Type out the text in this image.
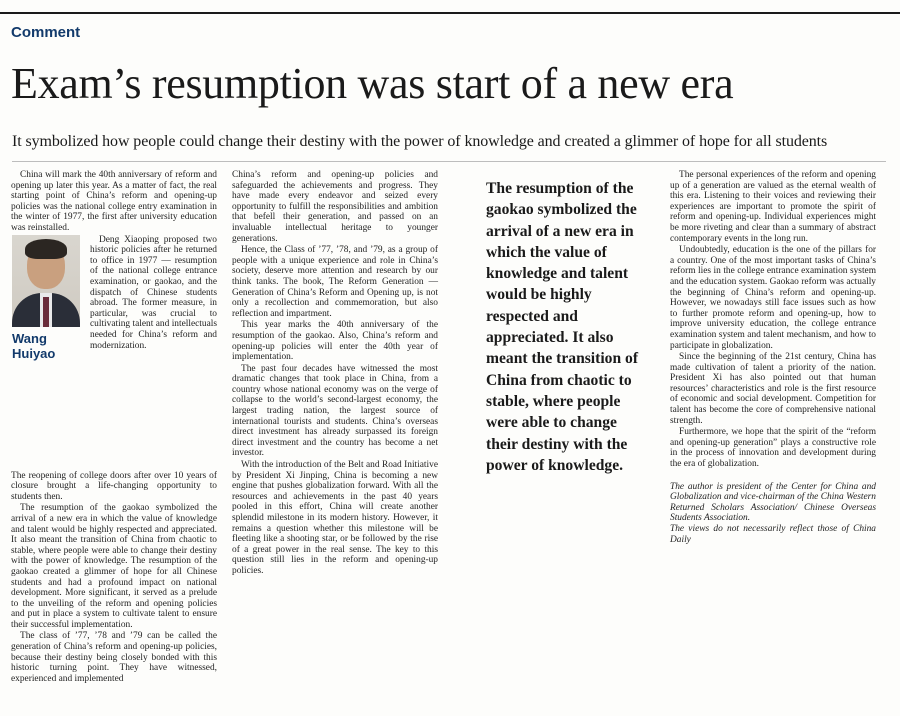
Comment
Exam’s resumption was start of a new era
It symbolized how people could change their destiny with the power of knowledge and created a glimmer of hope for all students

China will mark the 40th anniversary of reform and opening up later this year. As a matter of fact, the real starting point of China’s reform and opening-up policies was the national college entry examination in the winter of 1977, the first after university education was reinstalled.

Wang
Huiyao

Deng Xiaoping proposed two historic policies after he returned to office in 1977 — resumption of the national college entrance examination, or gaokao, and the dispatch of Chinese students abroad. The former measure, in particular, was crucial to cultivating talent and intellectuals needed for China’s reform and modernization.

The reopening of college doors after over 10 years of closure brought a life-changing opportunity to students then.

The resumption of the gaokao symbolized the arrival of a new era in which the value of knowledge and talent would be highly respected and appreciated. It also meant the transition of China from chaotic to stable, where people were able to change their destiny with the power of knowledge. The resumption of the gaokao created a glimmer of hope for all Chinese students and had a profound impact on national development. More significant, it served as a prelude to the unveiling of the reform and opening policies and put in place a system to cultivate talent to ensure their successful implementation.

The class of ’77, ’78 and ’79 can be called the generation of China’s reform and opening-up policies, because their destiny being closely bonded with this historic turning point. They have witnessed, experienced and implemented

China’s reform and opening-up policies and safeguarded the achievements and progress. They have made every endeavor and seized every opportunity to fulfill the responsibilities and ambition that befell their generation, and passed on an invaluable intellectual heritage to younger generations.

Hence, the Class of ’77, ’78, and ’79, as a group of people with a unique experience and role in China’s society, deserve more attention and research by our think tanks. The book, The Reform Generation — Generation of China’s Reform and Opening up, is not only a recollection and commemoration, but also reflection and impartment.

This year marks the 40th anniversary of the resumption of the gaokao. Also, China’s reform and opening-up policies will enter the 40th year of implementation.

The past four decades have witnessed the most dramatic changes that took place in China, from a country whose national economy was on the verge of collapse to the world’s second-largest economy, the largest trading nation, the largest source of international tourists and students. China’s overseas direct investment has already surpassed its foreign direct investment and the country has become a net investor.

With the introduction of the Belt and Road Initiative by President Xi Jinping, China is becoming a new engine that pushes globalization forward. With all the resources and achievements in the past 40 years pooled in this effort, China will create another splendid milestone in its modern history. However, it remains a question whether this milestone will be fleeting like a shooting star, or be followed by the rise of a great power in the real sense. The key to this question still lies in the reform and opening-up policies.

The resumption of the gaokao symbolized the arrival of a new era in which the value of knowledge and talent would be highly respected and appreciated. It also meant the transition of China from chaotic to stable, where people were able to change their destiny with the power of knowledge.

The personal experiences of the reform and opening up of a generation are valued as the eternal wealth of this era. Listening to their voices and reviewing their experiences are important to promote the spirit of reform and opening-up. Individual experiences might be more riveting and clear than a summary of abstract contemporary events in the long run.

Undoubtedly, education is the one of the pillars for a country. One of the most important tasks of China’s reform lies in the college entrance examination system and the education system. Gaokao reform was actually the beginning of China’s reform and opening-up. However, we nowadays still face issues such as how to further promote reform and opening-up, how to improve university education, the college entrance examination system and talent mechanism, and how to participate in globalization.

Since the beginning of the 21st century, China has made cultivation of talent a priority of the nation. President Xi has also pointed out that human resources’ characteristics and role is the first resource of economic and social development. Competition for talent has become the core of comprehensive national strength.

Furthermore, we hope that the spirit of the “reform and opening-up generation” plays a constructive role in the process of innovation and development during the era of globalization.

The author is president of the Center for China and Globalization and vice-chairman of the China Western Returned Scholars Association/ Chinese Overseas Students Association.

The views do not necessarily reflect those of China Daily
